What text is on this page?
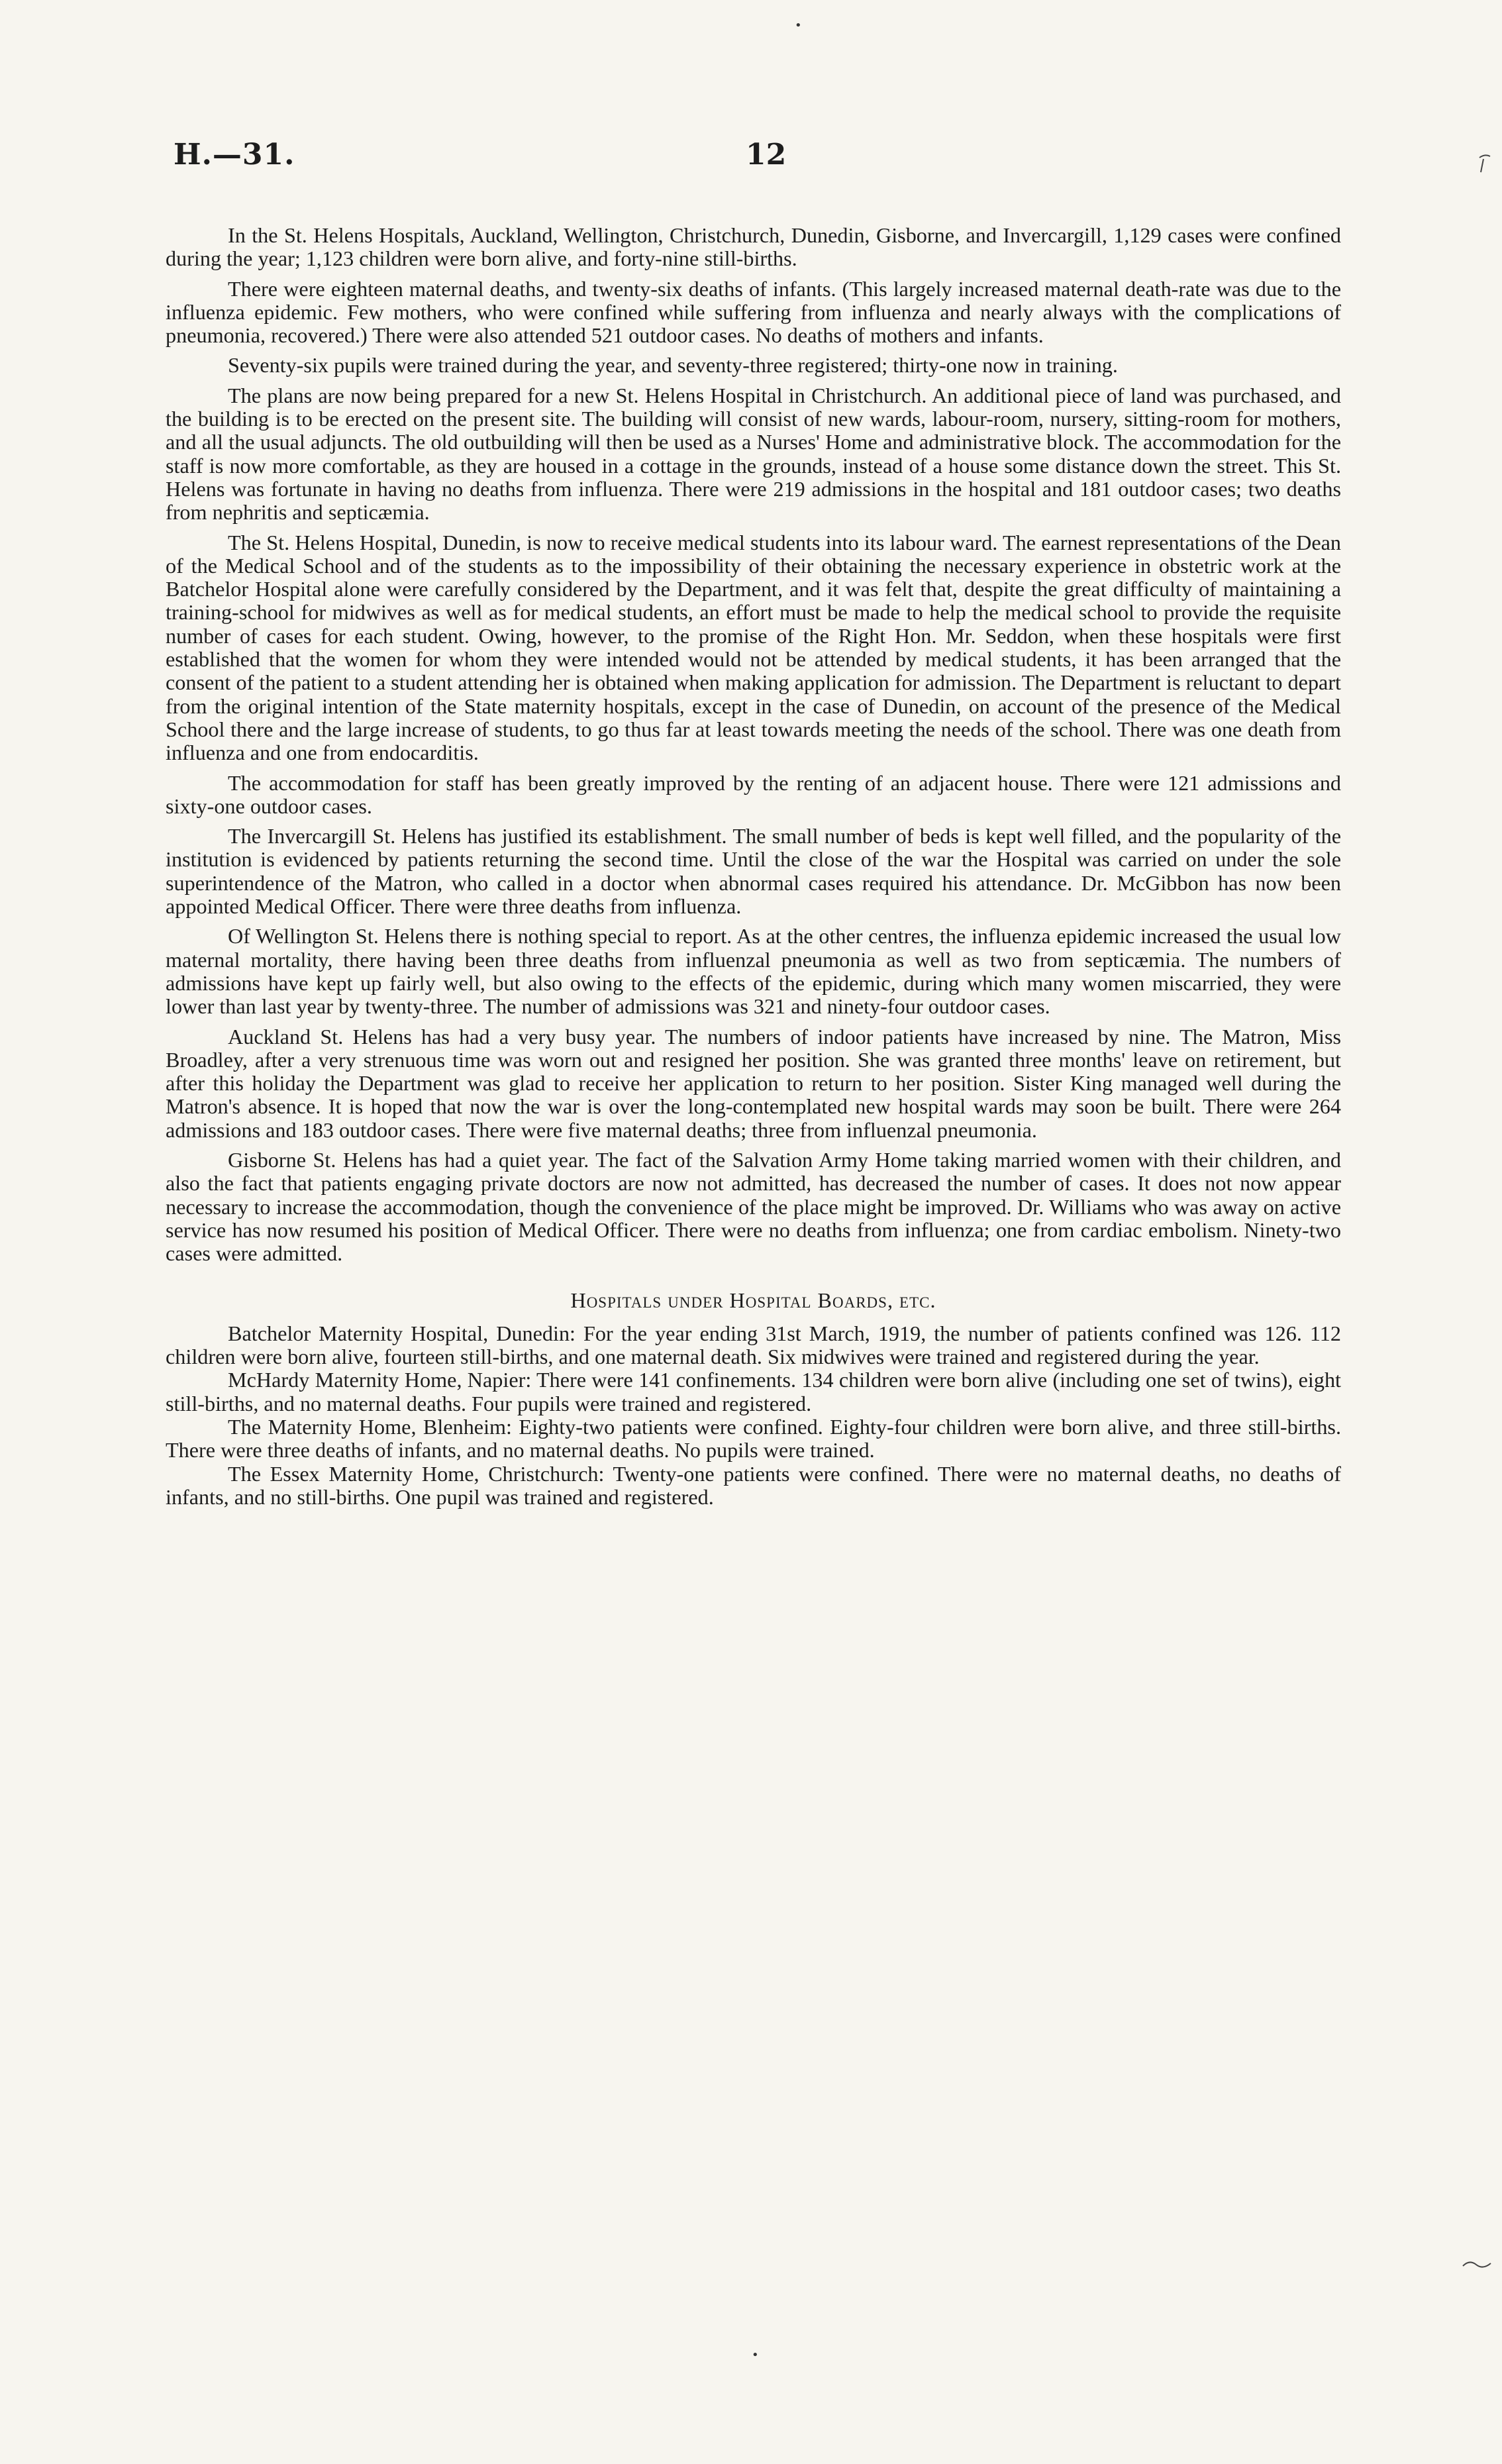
H.—31.	12

In the St. Helens Hospitals, Auckland, Wellington, Christchurch, Dunedin, Gisborne, and Invercargill, 1,129 cases were confined during the year; 1,123 children were born alive, and forty-nine still-births.

There were eighteen maternal deaths, and twenty-six deaths of infants. (This largely increased maternal death-rate was due to the influenza epidemic. Few mothers, who were confined while suffering from influenza and nearly always with the complications of pneumonia, recovered.) There were also attended 521 outdoor cases. No deaths of mothers and infants.

Seventy-six pupils were trained during the year, and seventy-three registered; thirty-one now in training.

The plans are now being prepared for a new St. Helens Hospital in Christchurch. An additional piece of land was purchased, and the building is to be erected on the present site. The building will consist of new wards, labour-room, nursery, sitting-room for mothers, and all the usual adjuncts. The old outbuilding will then be used as a Nurses' Home and administrative block. The accommodation for the staff is now more comfortable, as they are housed in a cottage in the grounds, instead of a house some distance down the street. This St. Helens was fortunate in having no deaths from influenza. There were 219 admissions in the hospital and 181 outdoor cases; two deaths from nephritis and septicæmia.

The St. Helens Hospital, Dunedin, is now to receive medical students into its labour ward. The earnest representations of the Dean of the Medical School and of the students as to the impossibility of their obtaining the necessary experience in obstetric work at the Batchelor Hospital alone were carefully considered by the Department, and it was felt that, despite the great difficulty of maintaining a training-school for midwives as well as for medical students, an effort must be made to help the medical school to provide the requisite number of cases for each student. Owing, however, to the promise of the Right Hon. Mr. Seddon, when these hospitals were first established that the women for whom they were intended would not be attended by medical students, it has been arranged that the consent of the patient to a student attending her is obtained when making application for admission. The Department is reluctant to depart from the original intention of the State maternity hospitals, except in the case of Dunedin, on account of the presence of the Medical School there and the large increase of students, to go thus far at least towards meeting the needs of the school. There was one death from influenza and one from endocarditis.

The accommodation for staff has been greatly improved by the renting of an adjacent house. There were 121 admissions and sixty-one outdoor cases.

The Invercargill St. Helens has justified its establishment. The small number of beds is kept well filled, and the popularity of the institution is evidenced by patients returning the second time. Until the close of the war the Hospital was carried on under the sole superintendence of the Matron, who called in a doctor when abnormal cases required his attendance. Dr. McGibbon has now been appointed Medical Officer. There were three deaths from influenza.

Of Wellington St. Helens there is nothing special to report. As at the other centres, the influenza epidemic increased the usual low maternal mortality, there having been three deaths from influenzal pneumonia as well as two from septicæmia. The numbers of admissions have kept up fairly well, but also owing to the effects of the epidemic, during which many women miscarried, they were lower than last year by twenty-three. The number of admissions was 321 and ninety-four outdoor cases.

Auckland St. Helens has had a very busy year. The numbers of indoor patients have increased by nine. The Matron, Miss Broadley, after a very strenuous time was worn out and resigned her position. She was granted three months' leave on retirement, but after this holiday the Department was glad to receive her application to return to her position. Sister King managed well during the Matron's absence. It is hoped that now the war is over the long-contemplated new hospital wards may soon be built. There were 264 admissions and 183 outdoor cases. There were five maternal deaths; three from influenzal pneumonia.

Gisborne St. Helens has had a quiet year. The fact of the Salvation Army Home taking married women with their children, and also the fact that patients engaging private doctors are now not admitted, has decreased the number of cases. It does not now appear necessary to increase the accommodation, though the convenience of the place might be improved. Dr. Williams who was away on active service has now resumed his position of Medical Officer. There were no deaths from influenza; one from cardiac embolism. Ninety-two cases were admitted.

Hospitals under Hospital Boards, etc.

Batchelor Maternity Hospital, Dunedin: For the year ending 31st March, 1919, the number of patients confined was 126. 112 children were born alive, fourteen still-births, and one maternal death. Six midwives were trained and registered during the year.

McHardy Maternity Home, Napier: There were 141 confinements. 134 children were born alive (including one set of twins), eight still-births, and no maternal deaths. Four pupils were trained and registered.

The Maternity Home, Blenheim: Eighty-two patients were confined. Eighty-four children were born alive, and three still-births. There were three deaths of infants, and no maternal deaths. No pupils were trained.

The Essex Maternity Home, Christchurch: Twenty-one patients were confined. There were no maternal deaths, no deaths of infants, and no still-births. One pupil was trained and registered.

•
•
